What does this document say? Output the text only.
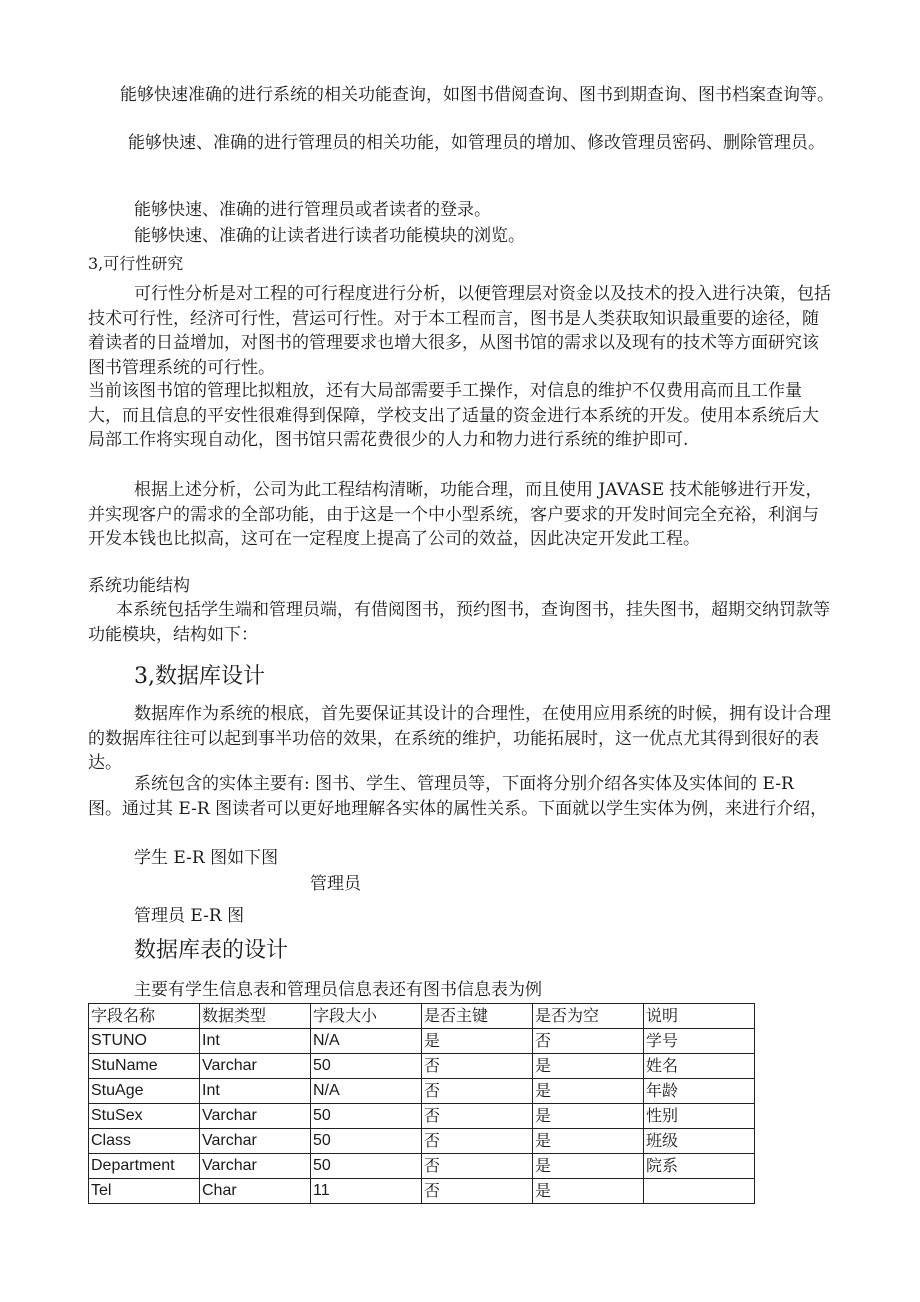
能够快速准确的进行系统的相关功能查询，如图书借阅查询、图书到期查询、图书档案查询等。

能够快速、准确的进行管理员的相关功能，如管理员的增加、修改管理员密码、删除管理员。

能够快速、准确的进行管理员或者读者的登录。

能够快速、准确的让读者进行读者功能模块的浏览。

3,可行性研究

可行性分析是对工程的可行程度进行分析，以便管理层对资金以及技术的投入进行决策，包括技术可行性，经济可行性，营运可行性。对于本工程而言，图书是人类获取知识最重要的途径，随着读者的日益增加，对图书的管理要求也增大很多，从图书馆的需求以及现有的技术等方面研究该图书管理系统的可行性。

当前该图书馆的管理比拟粗放，还有大局部需要手工操作，对信息的维护不仅费用高而且工作量大，而且信息的平安性很难得到保障，学校支出了适量的资金进行本系统的开发。使用本系统后大局部工作将实现自动化，图书馆只需花费很少的人力和物力进行系统的维护即可.

根据上述分析，公司为此工程结构清晰，功能合理，而且使用 JAVASE 技术能够进行开发，并实现客户的需求的全部功能，由于这是一个中小型系统，客户要求的开发时间完全充裕，利润与开发本钱也比拟高，这可在一定程度上提高了公司的效益，因此决定开发此工程。

系统功能结构

本系统包括学生端和管理员端，有借阅图书，预约图书，查询图书，挂失图书，超期交纳罚款等功能模块，结构如下：

3,数据库设计

数据库作为系统的根底，首先要保证其设计的合理性，在使用应用系统的时候，拥有设计合理的数据库往往可以起到事半功倍的效果，在系统的维护，功能拓展时，这一优点尤其得到很好的表达。

系统包含的实体主要有: 图书、学生、管理员等，下面将分别介绍各实体及实体间的 E-R 图。通过其 E-R 图读者可以更好地理解各实体的属性关系。下面就以学生实体为例，来进行介绍，

学生 E-R 图如下图

管理员

管理员 E-R 图

数据库表的设计

主要有学生信息表和管理员信息表还有图书信息表为例

字段名称	数据类型	字段大小	是否主键	是否为空	说明
STUNO	Int	N/A	是	否	学号
StuName	Varchar	50	否	是	姓名
StuAge	Int	N/A	否	是	年龄
StuSex	Varchar	50	否	是	性别
Class	Varchar	50	否	是	班级
Department	Varchar	50	否	是	院系
Tel	Char	11	否	是	
